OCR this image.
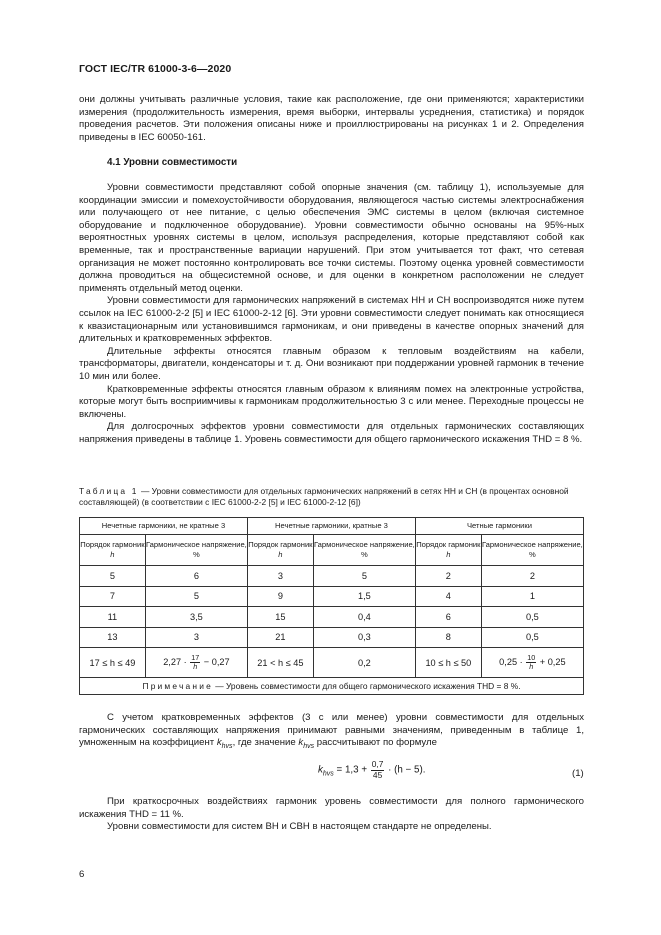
ГОСТ IEC/TR 61000-3-6—2020

они должны учитывать различные условия, такие как расположение, где они применяются; характеристики измерения (продолжительность измерения, время выборки, интервалы усреднения, статистика) и порядок проведения расчетов. Эти положения описаны ниже и проиллюстрированы на рисунках 1 и 2. Определения приведены в IEC 60050-161.

4.1 Уровни совместимости

Уровни совместимости представляют собой опорные значения (см. таблицу 1), используемые для координации эмиссии и помехоустойчивости оборудования, являющегося частью системы электроснабжения или получающего от нее питание, с целью обеспечения ЭМС системы в целом (включая системное оборудование и подключенное оборудование). Уровни совместимости обычно основаны на 95%-ных вероятностных уровнях системы в целом, используя распределения, которые представляют собой как временные, так и пространственные вариации нарушений. При этом учитывается тот факт, что сетевая организация не может постоянно контролировать все точки системы. Поэтому оценка уровней совместимости должна проводиться на общесистемной основе, и для оценки в конкретном расположении не следует применять отдельный метод оценки.

Уровни совместимости для гармонических напряжений в системах НН и СН воспроизводятся ниже путем ссылок на IEC 61000-2-2 [5] и IEC 61000-2-12 [6]. Эти уровни совместимости следует понимать как относящиеся к квазистационарным или установившимся гармоникам, и они приведены в качестве опорных значений для длительных и кратковременных эффектов.

Длительные эффекты относятся главным образом к тепловым воздействиям на кабели, трансформаторы, двигатели, конденсаторы и т. д. Они возникают при поддержании уровней гармоник в течение 10 мин или более.

Кратковременные эффекты относятся главным образом к влияниям помех на электронные устройства, которые могут быть восприимчивы к гармоникам продолжительностью 3 с или менее. Переходные процессы не включены.

Для долгосрочных эффектов уровни совместимости для отдельных гармонических составляющих напряжения приведены в таблице 1. Уровень совместимости для общего гармонического искажения THD = 8 %.

Таблица 1 — Уровни совместимости для отдельных гармонических напряжений в сетях НН и СН (в процентах основной составляющей) (в соответствии с IEC 61000-2-2 [5] и IEC 61000-2-12 [6])
Нечетные гармоники, не кратные 3		Нечетные гармоники, кратные 3		Четные гармоники	
Порядок гармоник h	Гармоническое напряжение, %	Порядок гармоник h	Гармоническое напряжение, %	Порядок гармоник h	Гармоническое напряжение, %
5	6	3	5	2	2
7	5	9	1,5	4	1
11	3,5	15	0,4	6	0,5
13	3	21	0,3	8	0,5
17 ≤ h ≤ 49	$2,27 \cdot \frac{17}{h} - 0,27$	21 < h ≤ 45	0,2	10 ≤ h ≤ 50	$0,25 \cdot \frac{10}{h} + 0,25$
Примечание — Уровень совместимости для общего гармонического искажения THD = 8 %.					

С учетом кратковременных эффектов (3 с или менее) уровни совместимости для отдельных гармонических составляющих напряжения принимают равными значениям, приведенным в таблице 1, умноженным на коэффициент $k_{hvs}$, где значение $k_{hvs}$ рассчитывают по формуле

$k_{hvs} = 1,3 + \frac{0,7}{45} \cdot (h - 5)$.	(1)

При краткосрочных воздействиях гармоник уровень совместимости для полного гармонического искажения THD = 11 %.

Уровни совместимости для систем ВН и СВН в настоящем стандарте не определены.

6
